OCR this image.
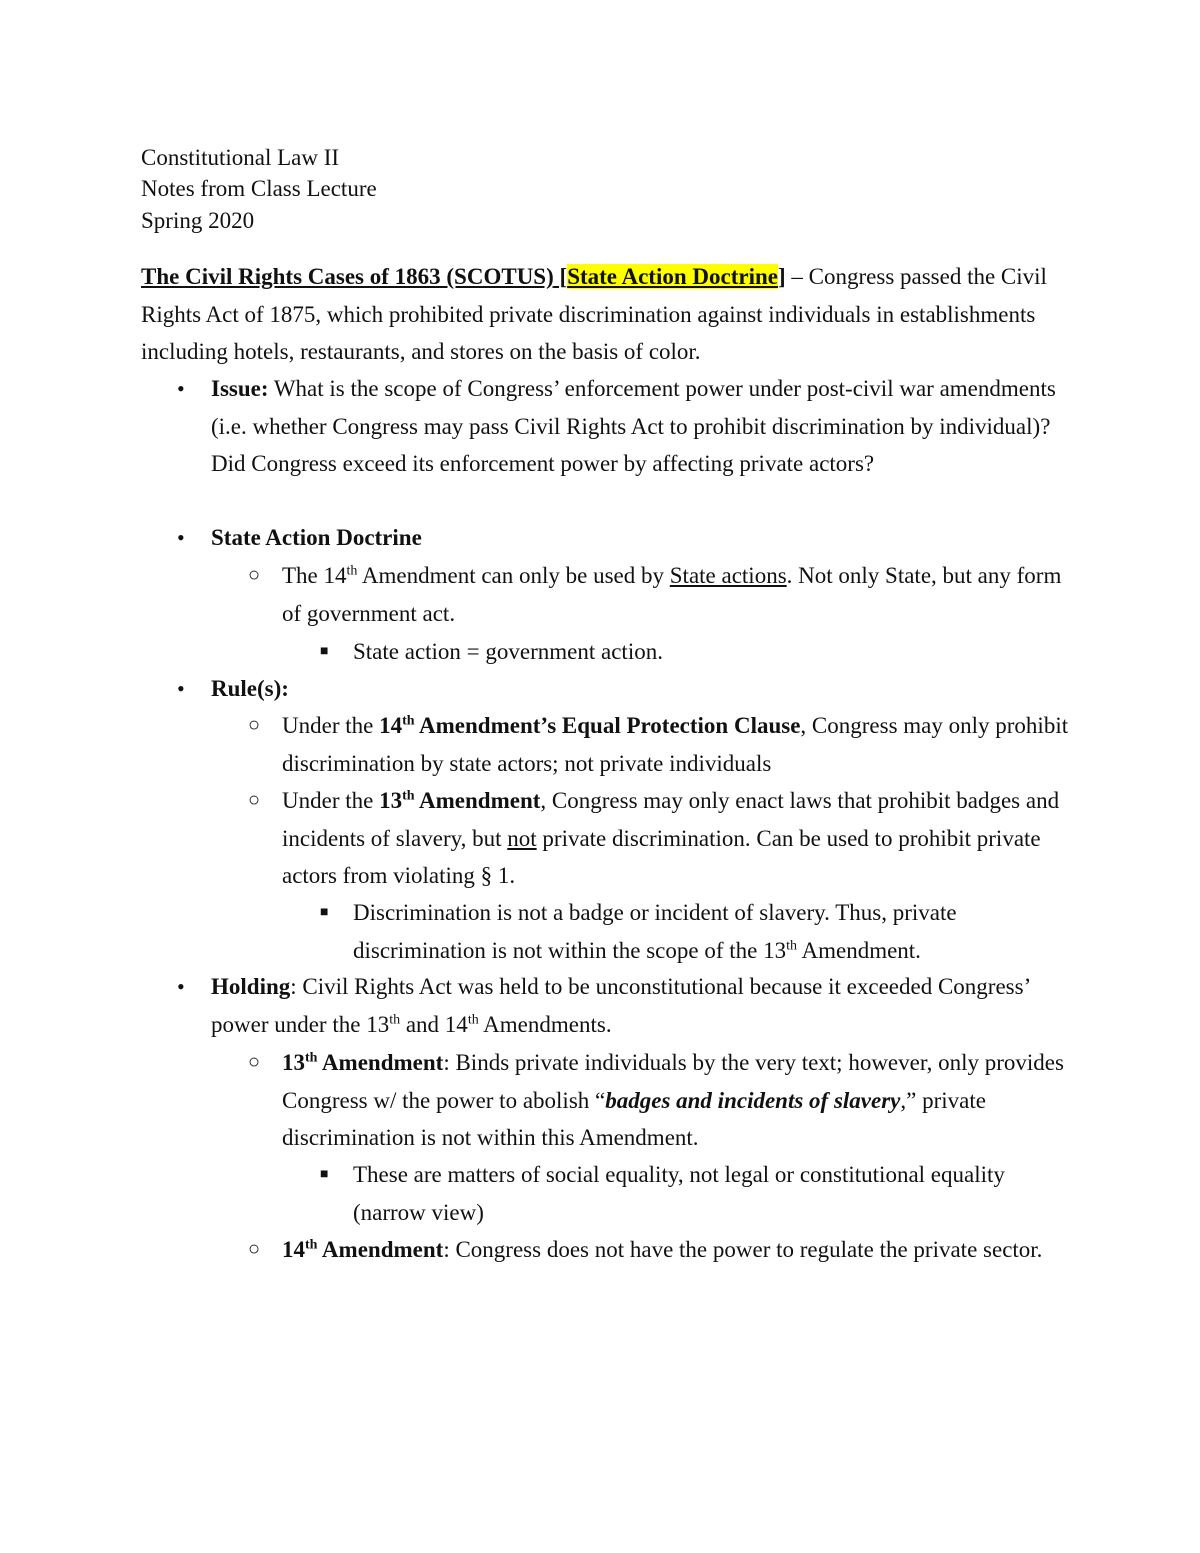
Constitutional Law II
Notes from Class Lecture
Spring 2020
The Civil Rights Cases of 1863 (SCOTUS) [State Action Doctrine] – Congress passed the Civil Rights Act of 1875, which prohibited private discrimination against individuals in establishments including hotels, restaurants, and stores on the basis of color.
• Issue: What is the scope of Congress’ enforcement power under post-civil war amendments (i.e. whether Congress may pass Civil Rights Act to prohibit discrimination by individual)? Did Congress exceed its enforcement power by affecting private actors?
• State Action Doctrine
○ The 14th Amendment can only be used by State actions. Not only State, but any form of government act.
■ State action = government action.
• Rule(s):
○ Under the 14th Amendment’s Equal Protection Clause, Congress may only prohibit discrimination by state actors; not private individuals
○ Under the 13th Amendment, Congress may only enact laws that prohibit badges and incidents of slavery, but not private discrimination. Can be used to prohibit private actors from violating § 1.
■ Discrimination is not a badge or incident of slavery. Thus, private discrimination is not within the scope of the 13th Amendment.
• Holding: Civil Rights Act was held to be unconstitutional because it exceeded Congress’ power under the 13th and 14th Amendments.
○ 13th Amendment: Binds private individuals by the very text; however, only provides Congress w/ the power to abolish “badges and incidents of slavery,” private discrimination is not within this Amendment.
■ These are matters of social equality, not legal or constitutional equality (narrow view)
○ 14th Amendment: Congress does not have the power to regulate the private sector.
